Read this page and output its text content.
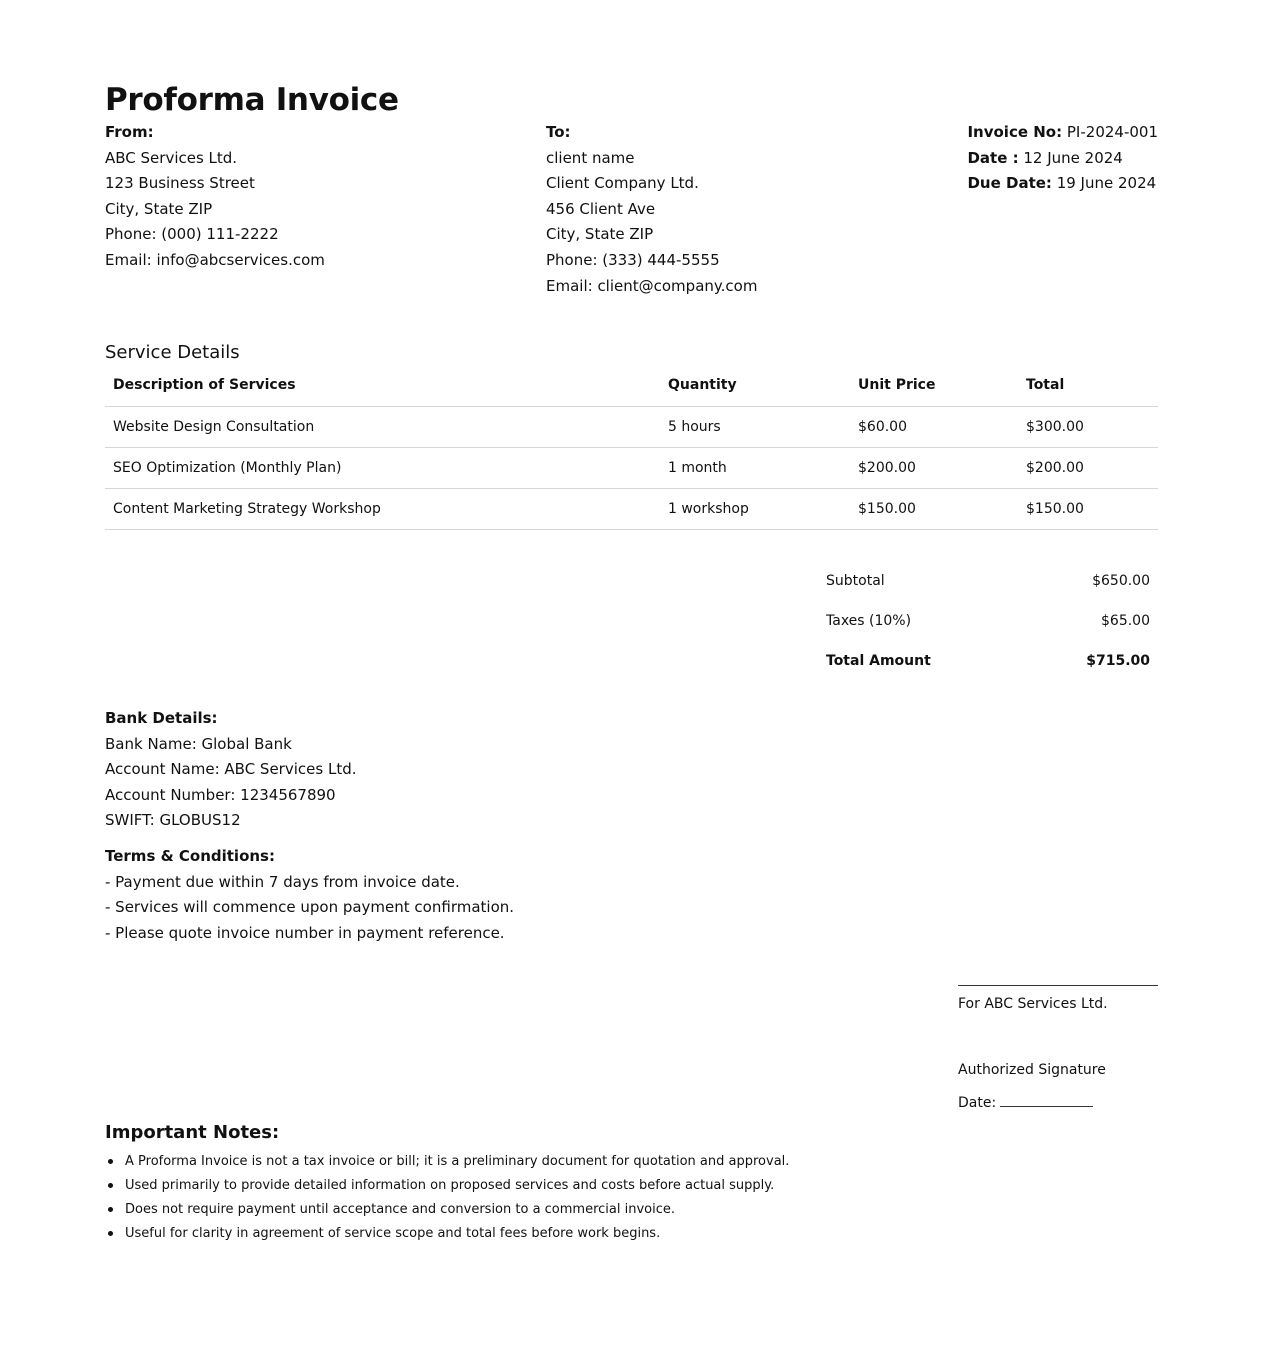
Proforma Invoice
From:
ABC Services Ltd.
123 Business Street
City, State ZIP
Phone: (000) 111-2222
Email: info@abcservices.com
To:
client name
Client Company Ltd.
456 Client Ave
City, State ZIP
Phone: (333) 444-5555
Email: client@company.com
Invoice No: PI-2024-001
Date : 12 June 2024
Due Date: 19 June 2024
Service Details
Description of Services	Quantity	Unit Price	Total
Website Design Consultation	5 hours	$60.00	$300.00
SEO Optimization (Monthly Plan)	1 month	$200.00	$200.00
Content Marketing Strategy Workshop	1 workshop	$150.00	$150.00
Subtotal	$650.00
Taxes (10%)	$65.00
Total Amount	$715.00
Bank Details:
Bank Name: Global Bank
Account Name: ABC Services Ltd.
Account Number: 1234567890
SWIFT: GLOBUS12
Terms & Conditions:
- Payment due within 7 days from invoice date.
- Services will commence upon payment confirmation.
- Please quote invoice number in payment reference.
For ABC Services Ltd.
Authorized Signature
Date:
Important Notes:
A Proforma Invoice is not a tax invoice or bill; it is a preliminary document for quotation and approval.
Used primarily to provide detailed information on proposed services and costs before actual supply.
Does not require payment until acceptance and conversion to a commercial invoice.
Useful for clarity in agreement of service scope and total fees before work begins.
